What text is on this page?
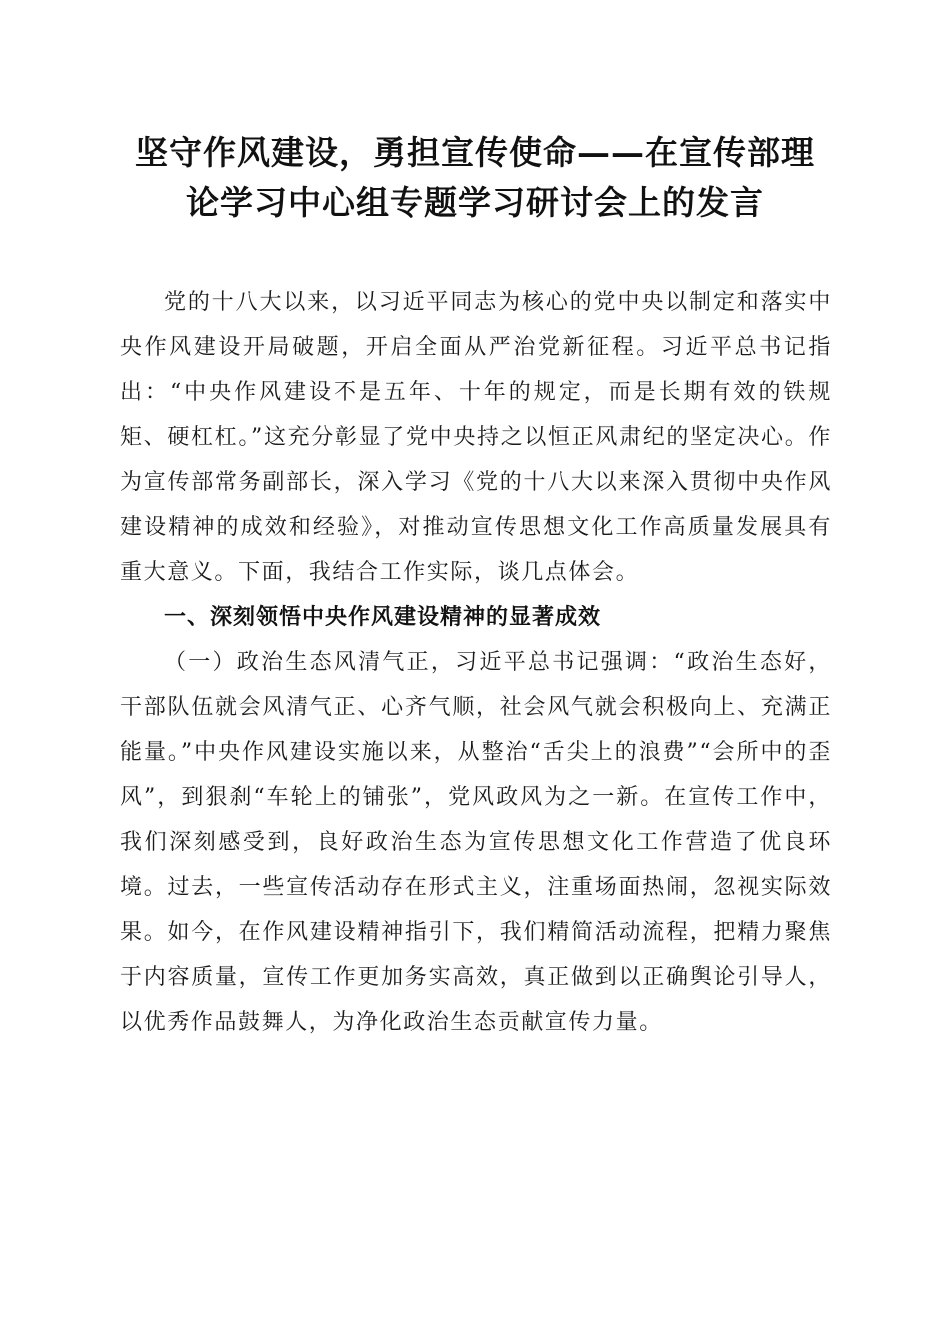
坚守作风建设，勇担宣传使命——在宣传部理
论学习中心组专题学习研讨会上的发言

党的十八大以来，以习近平同志为核心的党中央以制定和落实中央作风建设开局破题，开启全面从严治党新征程。习近平总书记指出：“中央作风建设不是五年、十年的规定，而是长期有效的铁规矩、硬杠杠。”这充分彰显了党中央持之以恒正风肃纪的坚定决心。作为宣传部常务副部长，深入学习《党的十八大以来深入贯彻中央作风建设精神的成效和经验》，对推动宣传思想文化工作高质量发展具有重大意义。下面，我结合工作实际，谈几点体会。

一、深刻领悟中央作风建设精神的显著成效

（一）政治生态风清气正，习近平总书记强调：“政治生态好，干部队伍就会风清气正、心齐气顺，社会风气就会积极向上、充满正能量。”中央作风建设实施以来，从整治“舌尖上的浪费”“会所中的歪风”，到狠刹“车轮上的铺张”，党风政风为之一新。在宣传工作中，我们深刻感受到，良好政治生态为宣传思想文化工作营造了优良环境。过去，一些宣传活动存在形式主义，注重场面热闹，忽视实际效果。如今，在作风建设精神指引下，我们精简活动流程，把精力聚焦于内容质量，宣传工作更加务实高效，真正做到以正确舆论引导人，以优秀作品鼓舞人，为净化政治生态贡献宣传力量。
